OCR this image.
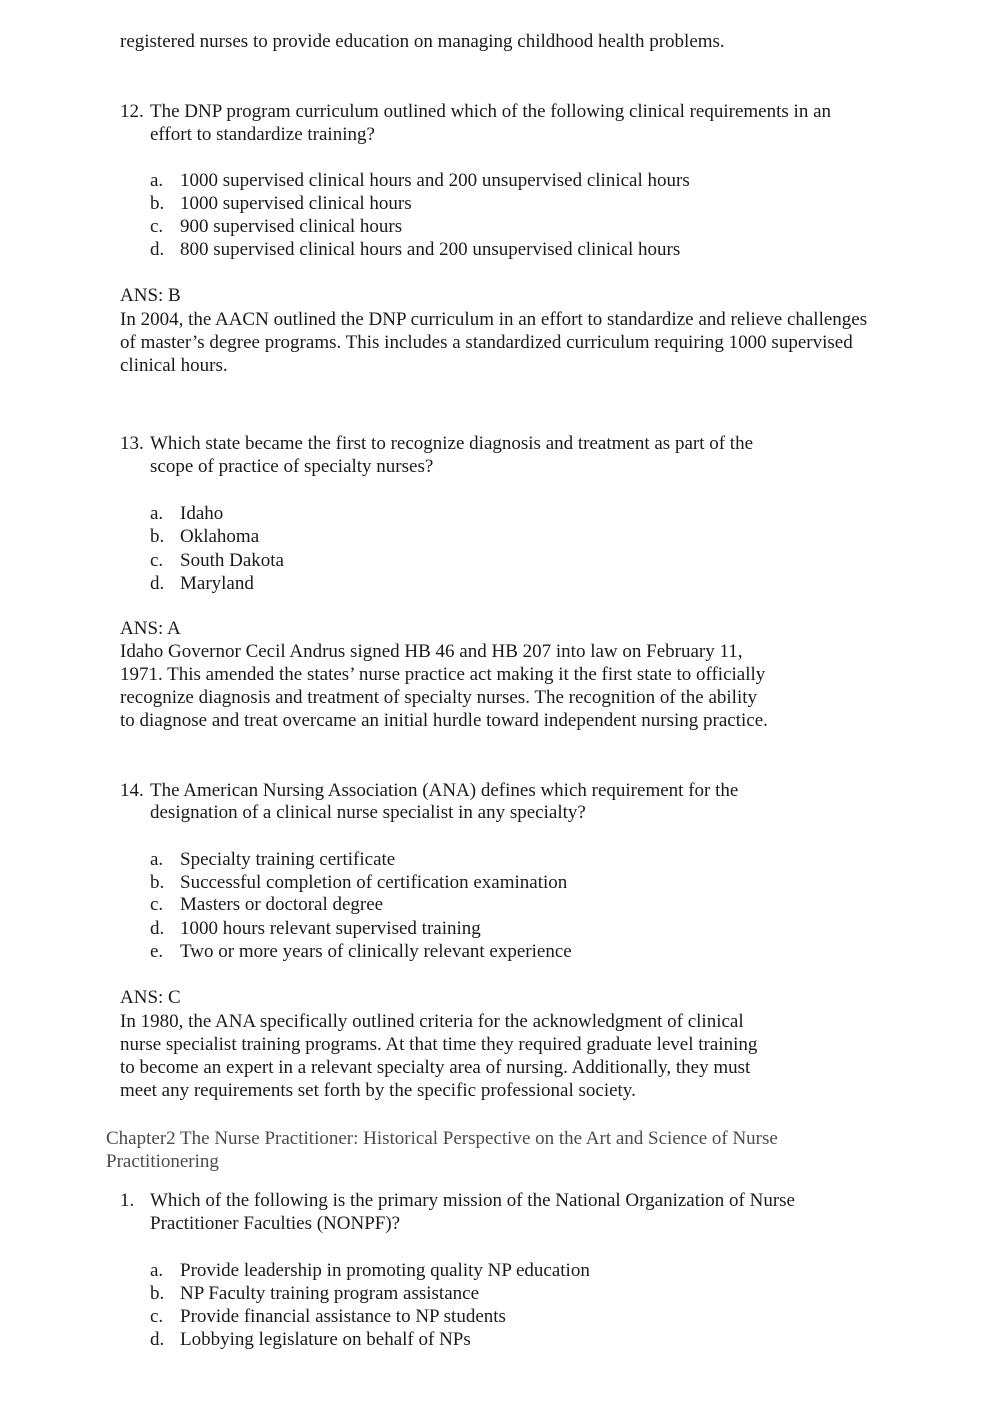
registered nurses to provide education on managing childhood health problems.
12. The DNP program curriculum outlined which of the following clinical requirements in an
effort to standardize training?
a. 1000 supervised clinical hours and 200 unsupervised clinical hours
b. 1000 supervised clinical hours
c. 900 supervised clinical hours
d. 800 supervised clinical hours and 200 unsupervised clinical hours
ANS: B
In 2004, the AACN outlined the DNP curriculum in an effort to standardize and relieve challenges
of master’s degree programs. This includes a standardized curriculum requiring 1000 supervised
clinical hours.
13. Which state became the first to recognize diagnosis and treatment as part of the
scope of practice of specialty nurses?
a. Idaho
b. Oklahoma
c. South Dakota
d. Maryland
ANS: A
Idaho Governor Cecil Andrus signed HB 46 and HB 207 into law on February 11,
1971. This amended the states’ nurse practice act making it the first state to officially
recognize diagnosis and treatment of specialty nurses. The recognition of the ability
to diagnose and treat overcame an initial hurdle toward independent nursing practice.
14. The American Nursing Association (ANA) defines which requirement for the
designation of a clinical nurse specialist in any specialty?
a. Specialty training certificate
b. Successful completion of certification examination
c. Masters or doctoral degree
d. 1000 hours relevant supervised training
e. Two or more years of clinically relevant experience
ANS: C
In 1980, the ANA specifically outlined criteria for the acknowledgment of clinical
nurse specialist training programs. At that time they required graduate level training
to become an expert in a relevant specialty area of nursing. Additionally, they must
meet any requirements set forth by the specific professional society.
Chapter2 The Nurse Practitioner: Historical Perspective on the Art and Science of Nurse
Practitionering
1. Which of the following is the primary mission of the National Organization of Nurse
Practitioner Faculties (NONPF)?
a. Provide leadership in promoting quality NP education
b. NP Faculty training program assistance
c. Provide financial assistance to NP students
d. Lobbying legislature on behalf of NPs
